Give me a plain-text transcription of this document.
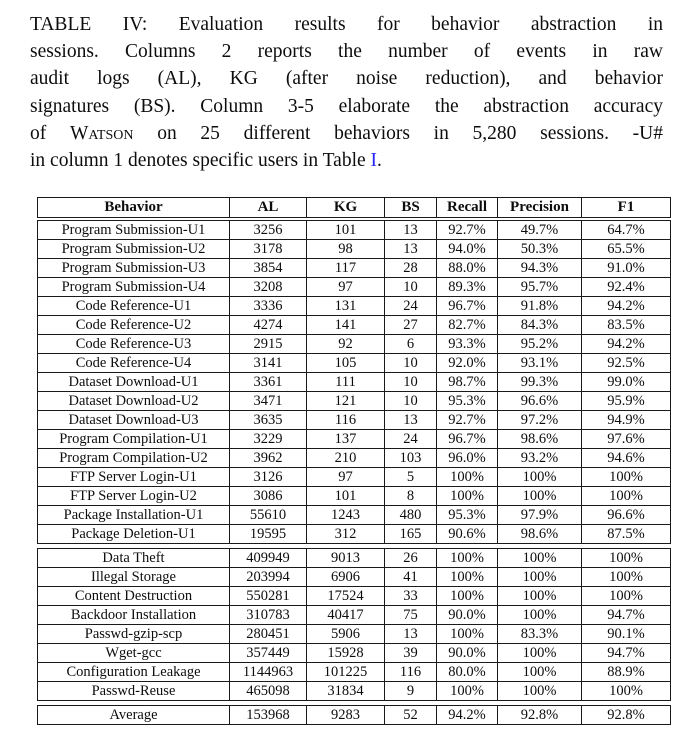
TABLE IV: Evaluation results for behavior abstraction in
sessions. Columns 2 reports the number of events in raw
audit logs (AL), KG (after noise reduction), and behavior
signatures (BS). Column 3-5 elaborate the abstraction accuracy
of Watson on 25 different behaviors in 5,280 sessions. -U#
in column 1 denotes specific users in Table I.
Behavior	AL	KG	BS	Recall	Precision	F1

Program Submission-U1	3256	101	13	92.7%	49.7%	64.7%
Program Submission-U2	3178	98	13	94.0%	50.3%	65.5%
Program Submission-U3	3854	117	28	88.0%	94.3%	91.0%
Program Submission-U4	3208	97	10	89.3%	95.7%	92.4%
Code Reference-U1	3336	131	24	96.7%	91.8%	94.2%
Code Reference-U2	4274	141	27	82.7%	84.3%	83.5%
Code Reference-U3	2915	92	6	93.3%	95.2%	94.2%
Code Reference-U4	3141	105	10	92.0%	93.1%	92.5%
Dataset Download-U1	3361	111	10	98.7%	99.3%	99.0%
Dataset Download-U2	3471	121	10	95.3%	96.6%	95.9%
Dataset Download-U3	3635	116	13	92.7%	97.2%	94.9%
Program Compilation-U1	3229	137	24	96.7%	98.6%	97.6%
Program Compilation-U2	3962	210	103	96.0%	93.2%	94.6%
FTP Server Login-U1	3126	97	5	100%	100%	100%
FTP Server Login-U2	3086	101	8	100%	100%	100%
Package Installation-U1	55610	1243	480	95.3%	97.9%	96.6%
Package Deletion-U1	19595	312	165	90.6%	98.6%	87.5%

Data Theft	409949	9013	26	100%	100%	100%
Illegal Storage	203994	6906	41	100%	100%	100%
Content Destruction	550281	17524	33	100%	100%	100%
Backdoor Installation	310783	40417	75	90.0%	100%	94.7%
Passwd-gzip-scp	280451	5906	13	100%	83.3%	90.1%
Wget-gcc	357449	15928	39	90.0%	100%	94.7%
Configuration Leakage	1144963	101225	116	80.0%	100%	88.9%
Passwd-Reuse	465098	31834	9	100%	100%	100%

Average	153968	9283	52	94.2%	92.8%	92.8%
